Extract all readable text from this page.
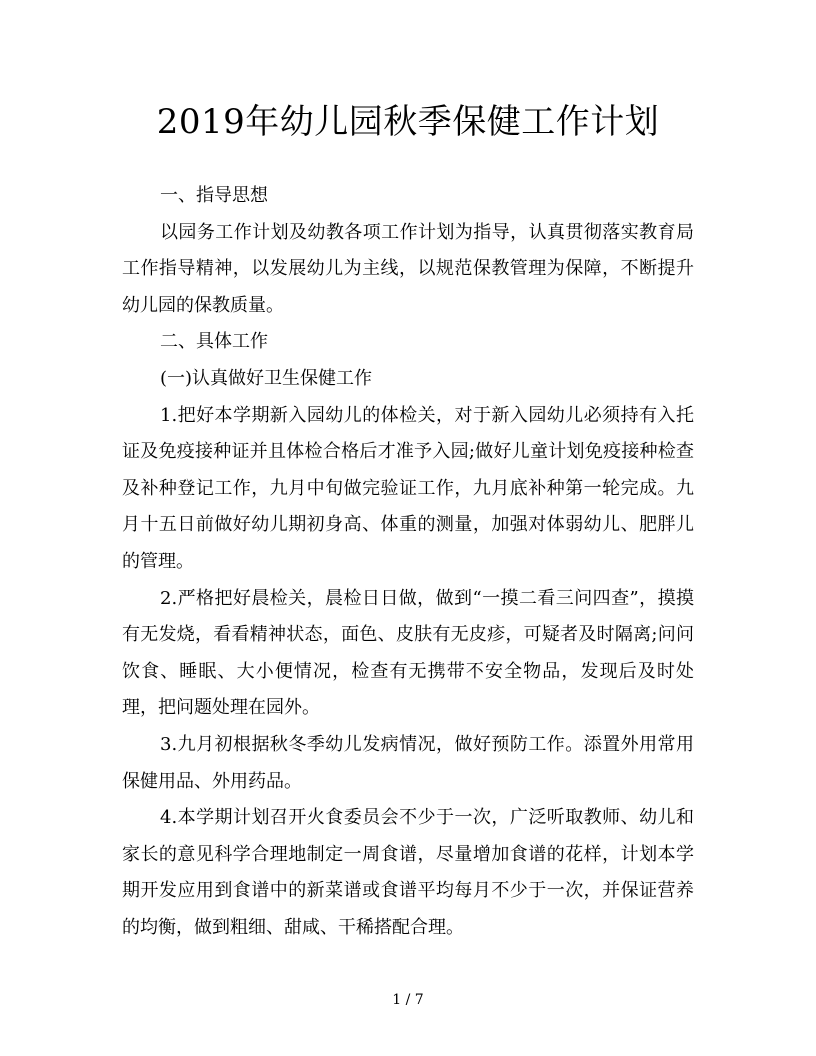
2019年幼儿园秋季保健工作计划

一、指导思想

以园务工作计划及幼教各项工作计划为指导，认真贯彻落实教育局工作指导精神，以发展幼儿为主线，以规范保教管理为保障，不断提升幼儿园的保教质量。

二、具体工作

(一)认真做好卫生保健工作

1.把好本学期新入园幼儿的体检关，对于新入园幼儿必须持有入托证及免疫接种证并且体检合格后才准予入园;做好儿童计划免疫接种检查及补种登记工作，九月中旬做完验证工作，九月底补种第一轮完成。九月十五日前做好幼儿期初身高、体重的测量，加强对体弱幼儿、肥胖儿的管理。

2.严格把好晨检关，晨检日日做，做到“一摸二看三问四查”，摸摸有无发烧，看看精神状态，面色、皮肤有无皮疹，可疑者及时隔离;问问饮食、睡眠、大小便情况，检查有无携带不安全物品，发现后及时处理，把问题处理在园外。

3.九月初根据秋冬季幼儿发病情况，做好预防工作。添置外用常用保健用品、外用药品。

4.本学期计划召开火食委员会不少于一次，广泛听取教师、幼儿和家长的意见科学合理地制定一周食谱，尽量增加食谱的花样，计划本学期开发应用到食谱中的新菜谱或食谱平均每月不少于一次，并保证营养的均衡，做到粗细、甜咸、干稀搭配合理。

1 / 7
